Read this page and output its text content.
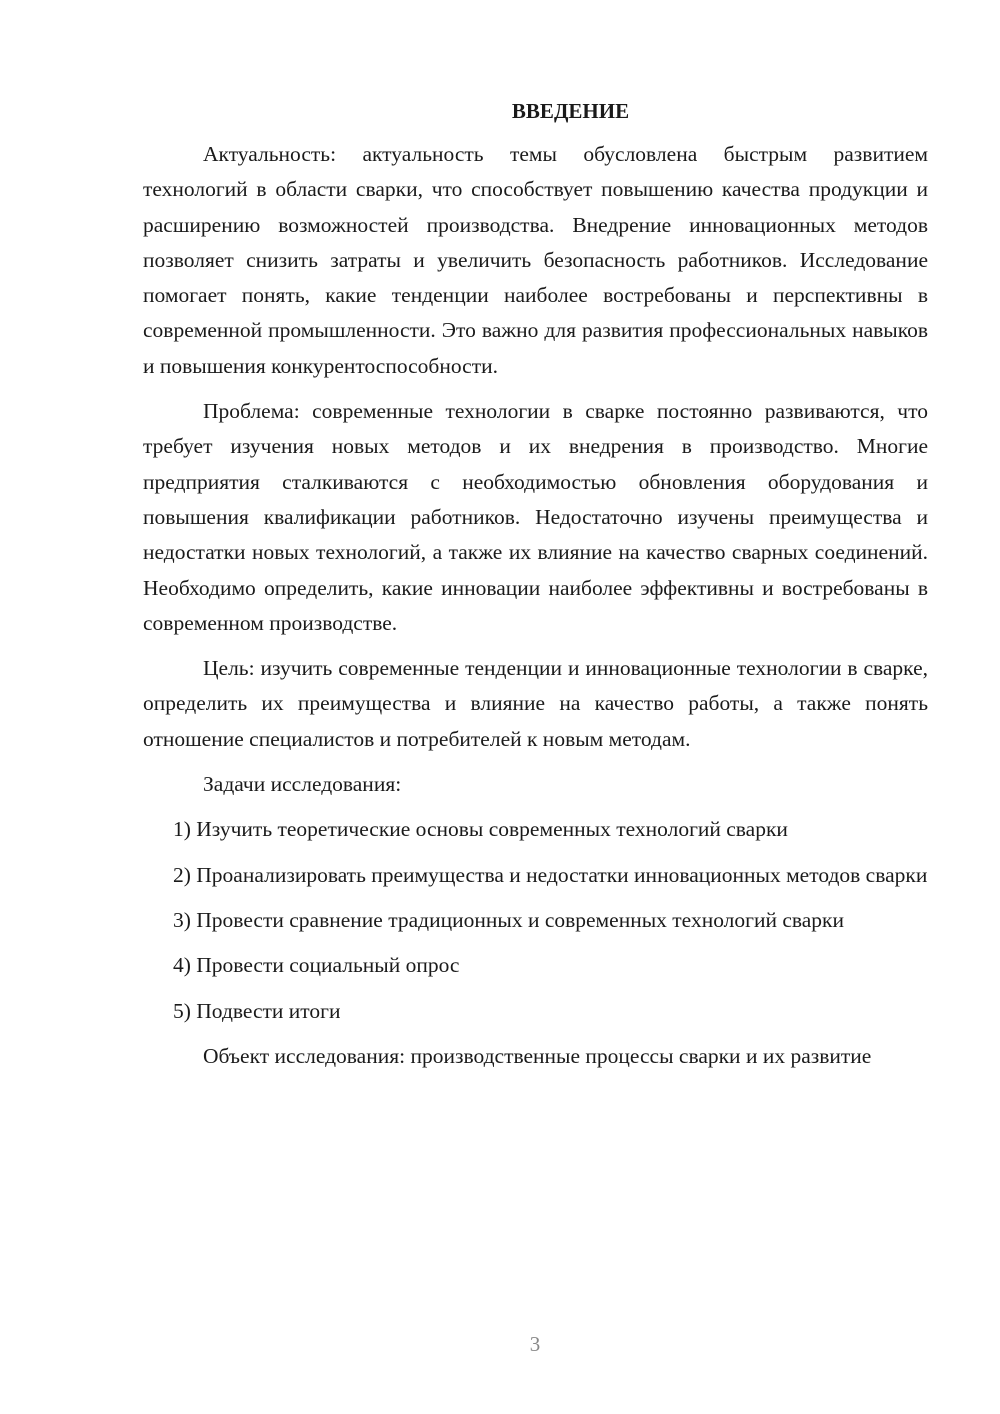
ВВЕДЕНИЕ

Актуальность: актуальность темы обусловлена быстрым развитием технологий в области сварки, что способствует повышению качества продукции и расширению возможностей производства. Внедрение инновационных методов позволяет снизить затраты и увеличить безопасность работников. Исследование помогает понять, какие тенденции наиболее востребованы и перспективны в современной промышленности. Это важно для развития профессиональных навыков и повышения конкурентоспособности.

Проблема: современные технологии в сварке постоянно развиваются, что требует изучения новых методов и их внедрения в производство. Многие предприятия сталкиваются с необходимостью обновления оборудования и повышения квалификации работников. Недостаточно изучены преимущества и недостатки новых технологий, а также их влияние на качество сварных соединений. Необходимо определить, какие инновации наиболее эффективны и востребованы в современном производстве.

Цель: изучить современные тенденции и инновационные технологии в сварке, определить их преимущества и влияние на качество работы, а также понять отношение специалистов и потребителей к новым методам.

Задачи исследования:

1) Изучить теоретические основы современных технологий сварки

2) Проанализировать преимущества и недостатки инновационных методов сварки

3) Провести сравнение традиционных и современных технологий сварки

4) Провести социальный опрос

5) Подвести итоги

Объект исследования: производственные процессы сварки и их развитие

3
